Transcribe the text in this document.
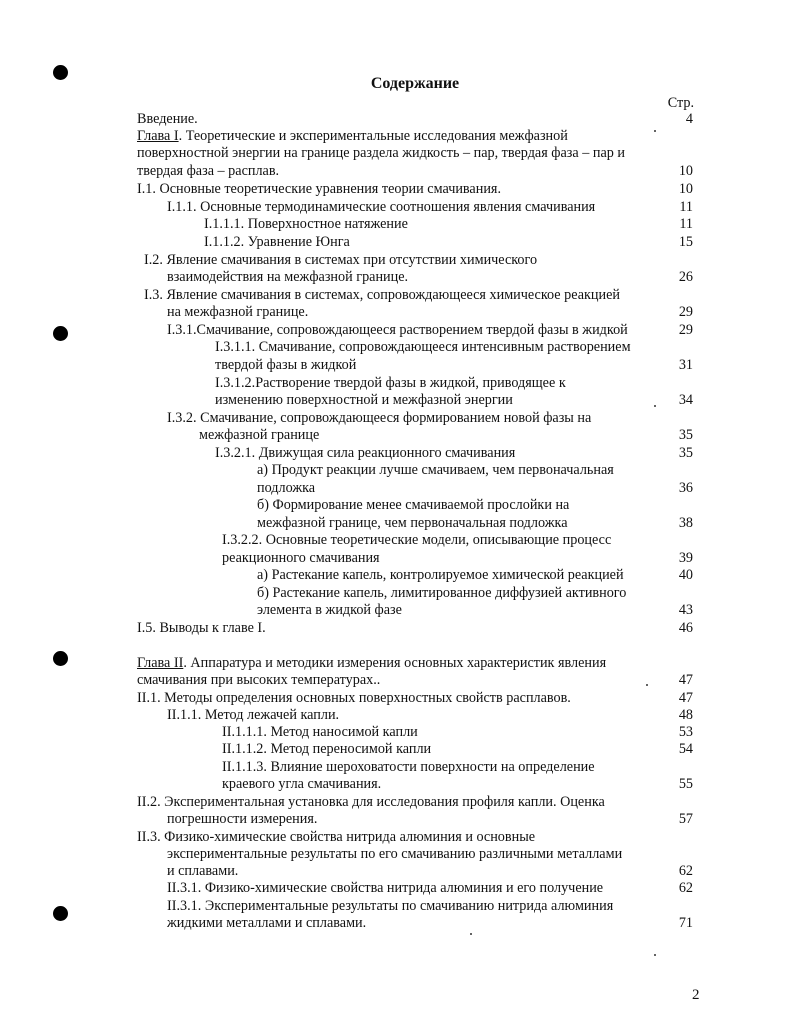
Содержание
Стр.
Введение.	4
Глава I. Теоретические и экспериментальные исследования межфазной
поверхностной энергии на границе раздела жидкость – пар, твердая фаза – пар и
твердая фаза – расплав.	10
I.1. Основные теоретические уравнения теории смачивания.	10
I.1.1. Основные термодинамические соотношения явления смачивания	11
I.1.1.1. Поверхностное натяжение	11
I.1.1.2. Уравнение Юнга	15
I.2. Явление смачивания в системах при отсутствии химического
взаимодействия на межфазной границе.	26
I.3. Явление смачивания в системах, сопровождающееся химическое реакцией
на межфазной границе.	29
I.3.1.Смачивание, сопровождающееся растворением твердой фазы в жидкой	29
I.3.1.1. Смачивание, сопровождающееся интенсивным растворением
твердой фазы в жидкой	31
I.3.1.2.Растворение твердой фазы в жидкой, приводящее к
изменению поверхностной и межфазной энергии	34
I.3.2. Смачивание, сопровождающееся формированием новой фазы на
межфазной границе	35
I.3.2.1. Движущая сила реакционного смачивания	35
а) Продукт реакции лучше смачиваем, чем первоначальная
подложка	36
б) Формирование менее смачиваемой прослойки на
межфазной границе, чем первоначальная подложка	38
I.3.2.2. Основные теоретические модели, описывающие процесс
реакционного смачивания	39
а) Растекание капель, контролируемое химической реакцией	40
б) Растекание капель, лимитированное диффузией активного
элемента в жидкой фазе	43
I.5. Выводы к главе I.	46
Глава II. Аппаратура и методики измерения основных характеристик явления
смачивания при высоких температурах..	47
II.1. Методы определения основных поверхностных свойств расплавов.	47
II.1.1. Метод лежачей капли.	48
II.1.1.1. Метод наносимой капли	53
II.1.1.2. Метод переносимой капли	54
II.1.1.3. Влияние шероховатости поверхности на определение
краевого угла смачивания.	55
II.2. Экспериментальная установка для исследования профиля капли. Оценка
погрешности измерения.	57
II.3. Физико-химические свойства нитрида алюминия и основные
экспериментальные результаты по его смачиванию различными металлами
и сплавами.	62
II.3.1. Физико-химические свойства нитрида алюминия и его получение	62
II.3.1. Экспериментальные результаты по смачиванию нитрида алюминия
жидкими металлами и сплавами.	71
2
